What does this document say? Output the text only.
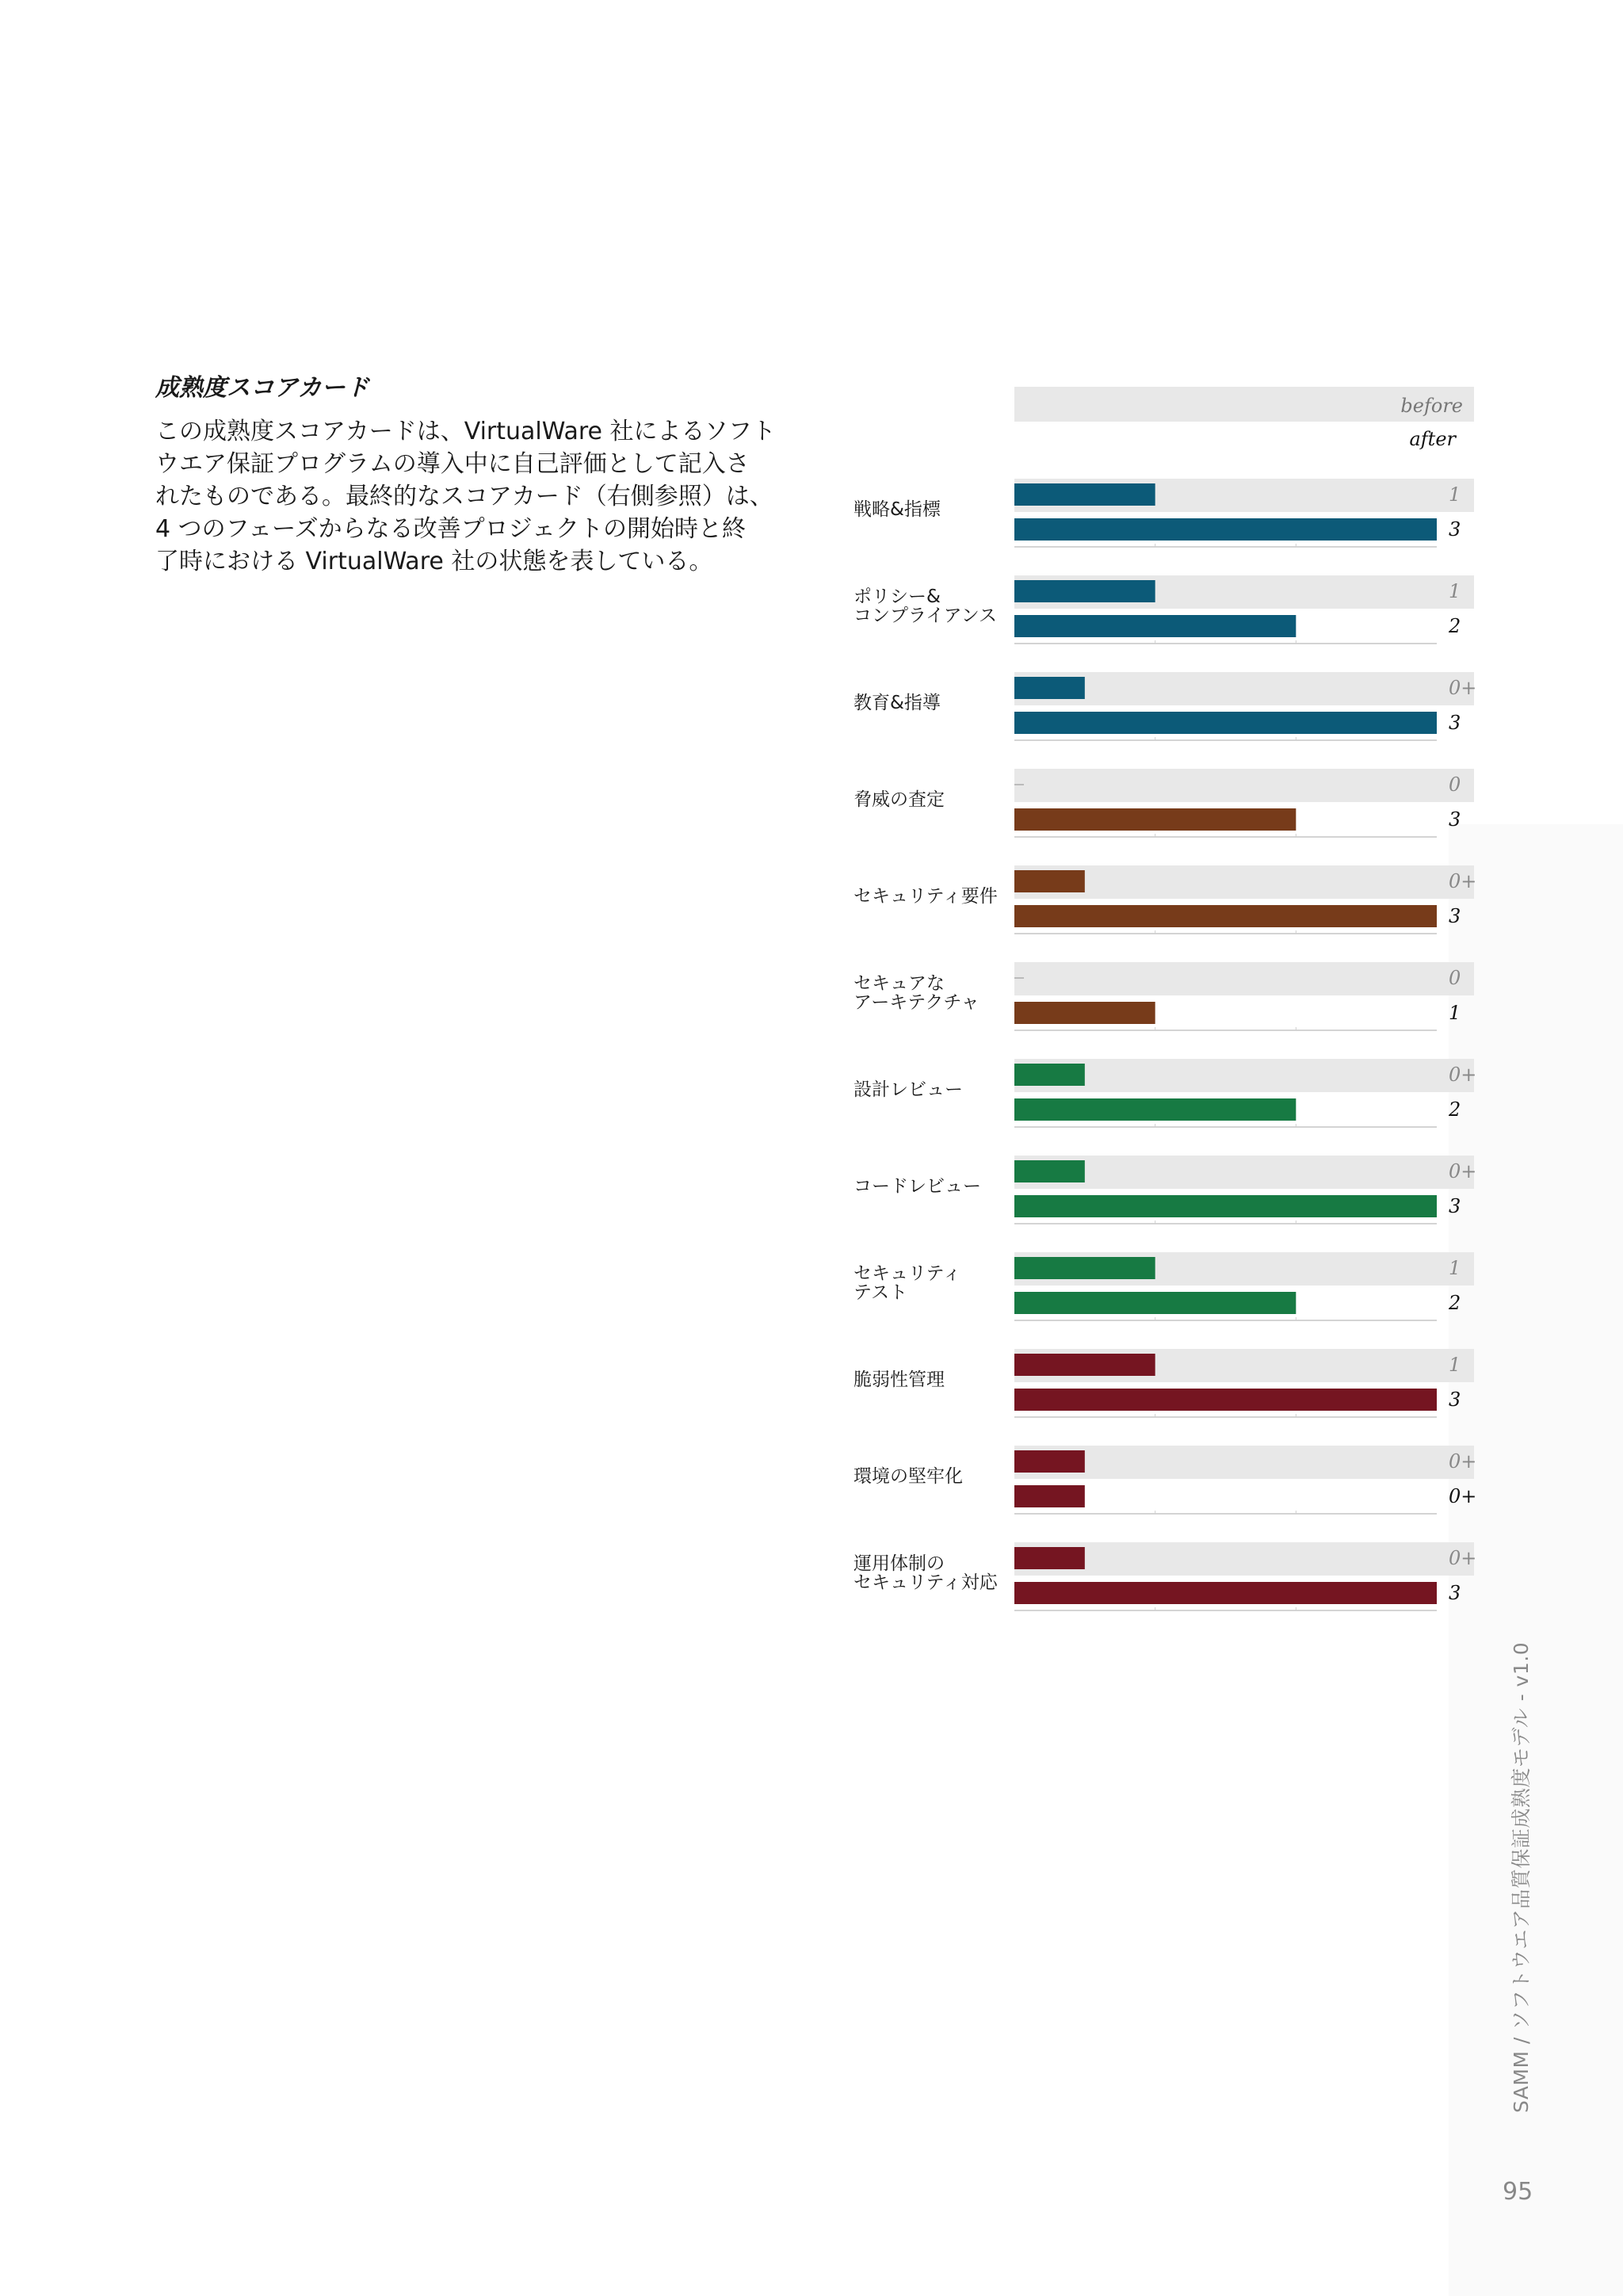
成熟度スコアカード

この成熟度スコアカードは、VirtualWare 社によるソフト
ウエア保証プログラムの導入中に自己評価として記入さ
れたものである。最終的なスコアカード（右側参照）は、
4 つのフェーズからなる改善プロジェクトの開始時と終
了時における VirtualWare 社の状態を表している。

before
after
戦略&指標
1
3
ポリシー&
コンプライアンス
1
2
教育&指導
0+
3
脅威の査定
0
3
セキュリティ要件
0+
3
セキュアな
アーキテクチャ
0
1
設計レビュー
0+
2
コードレビュー
0+
3
セキュリティ
テスト
1
2
脆弱性管理
1
3
環境の堅牢化
0+
0+
運用体制の
セキュリティ対応
0+
3
SAMM / ソフトウエア品質保証成熟度モデル - v1.0
95
